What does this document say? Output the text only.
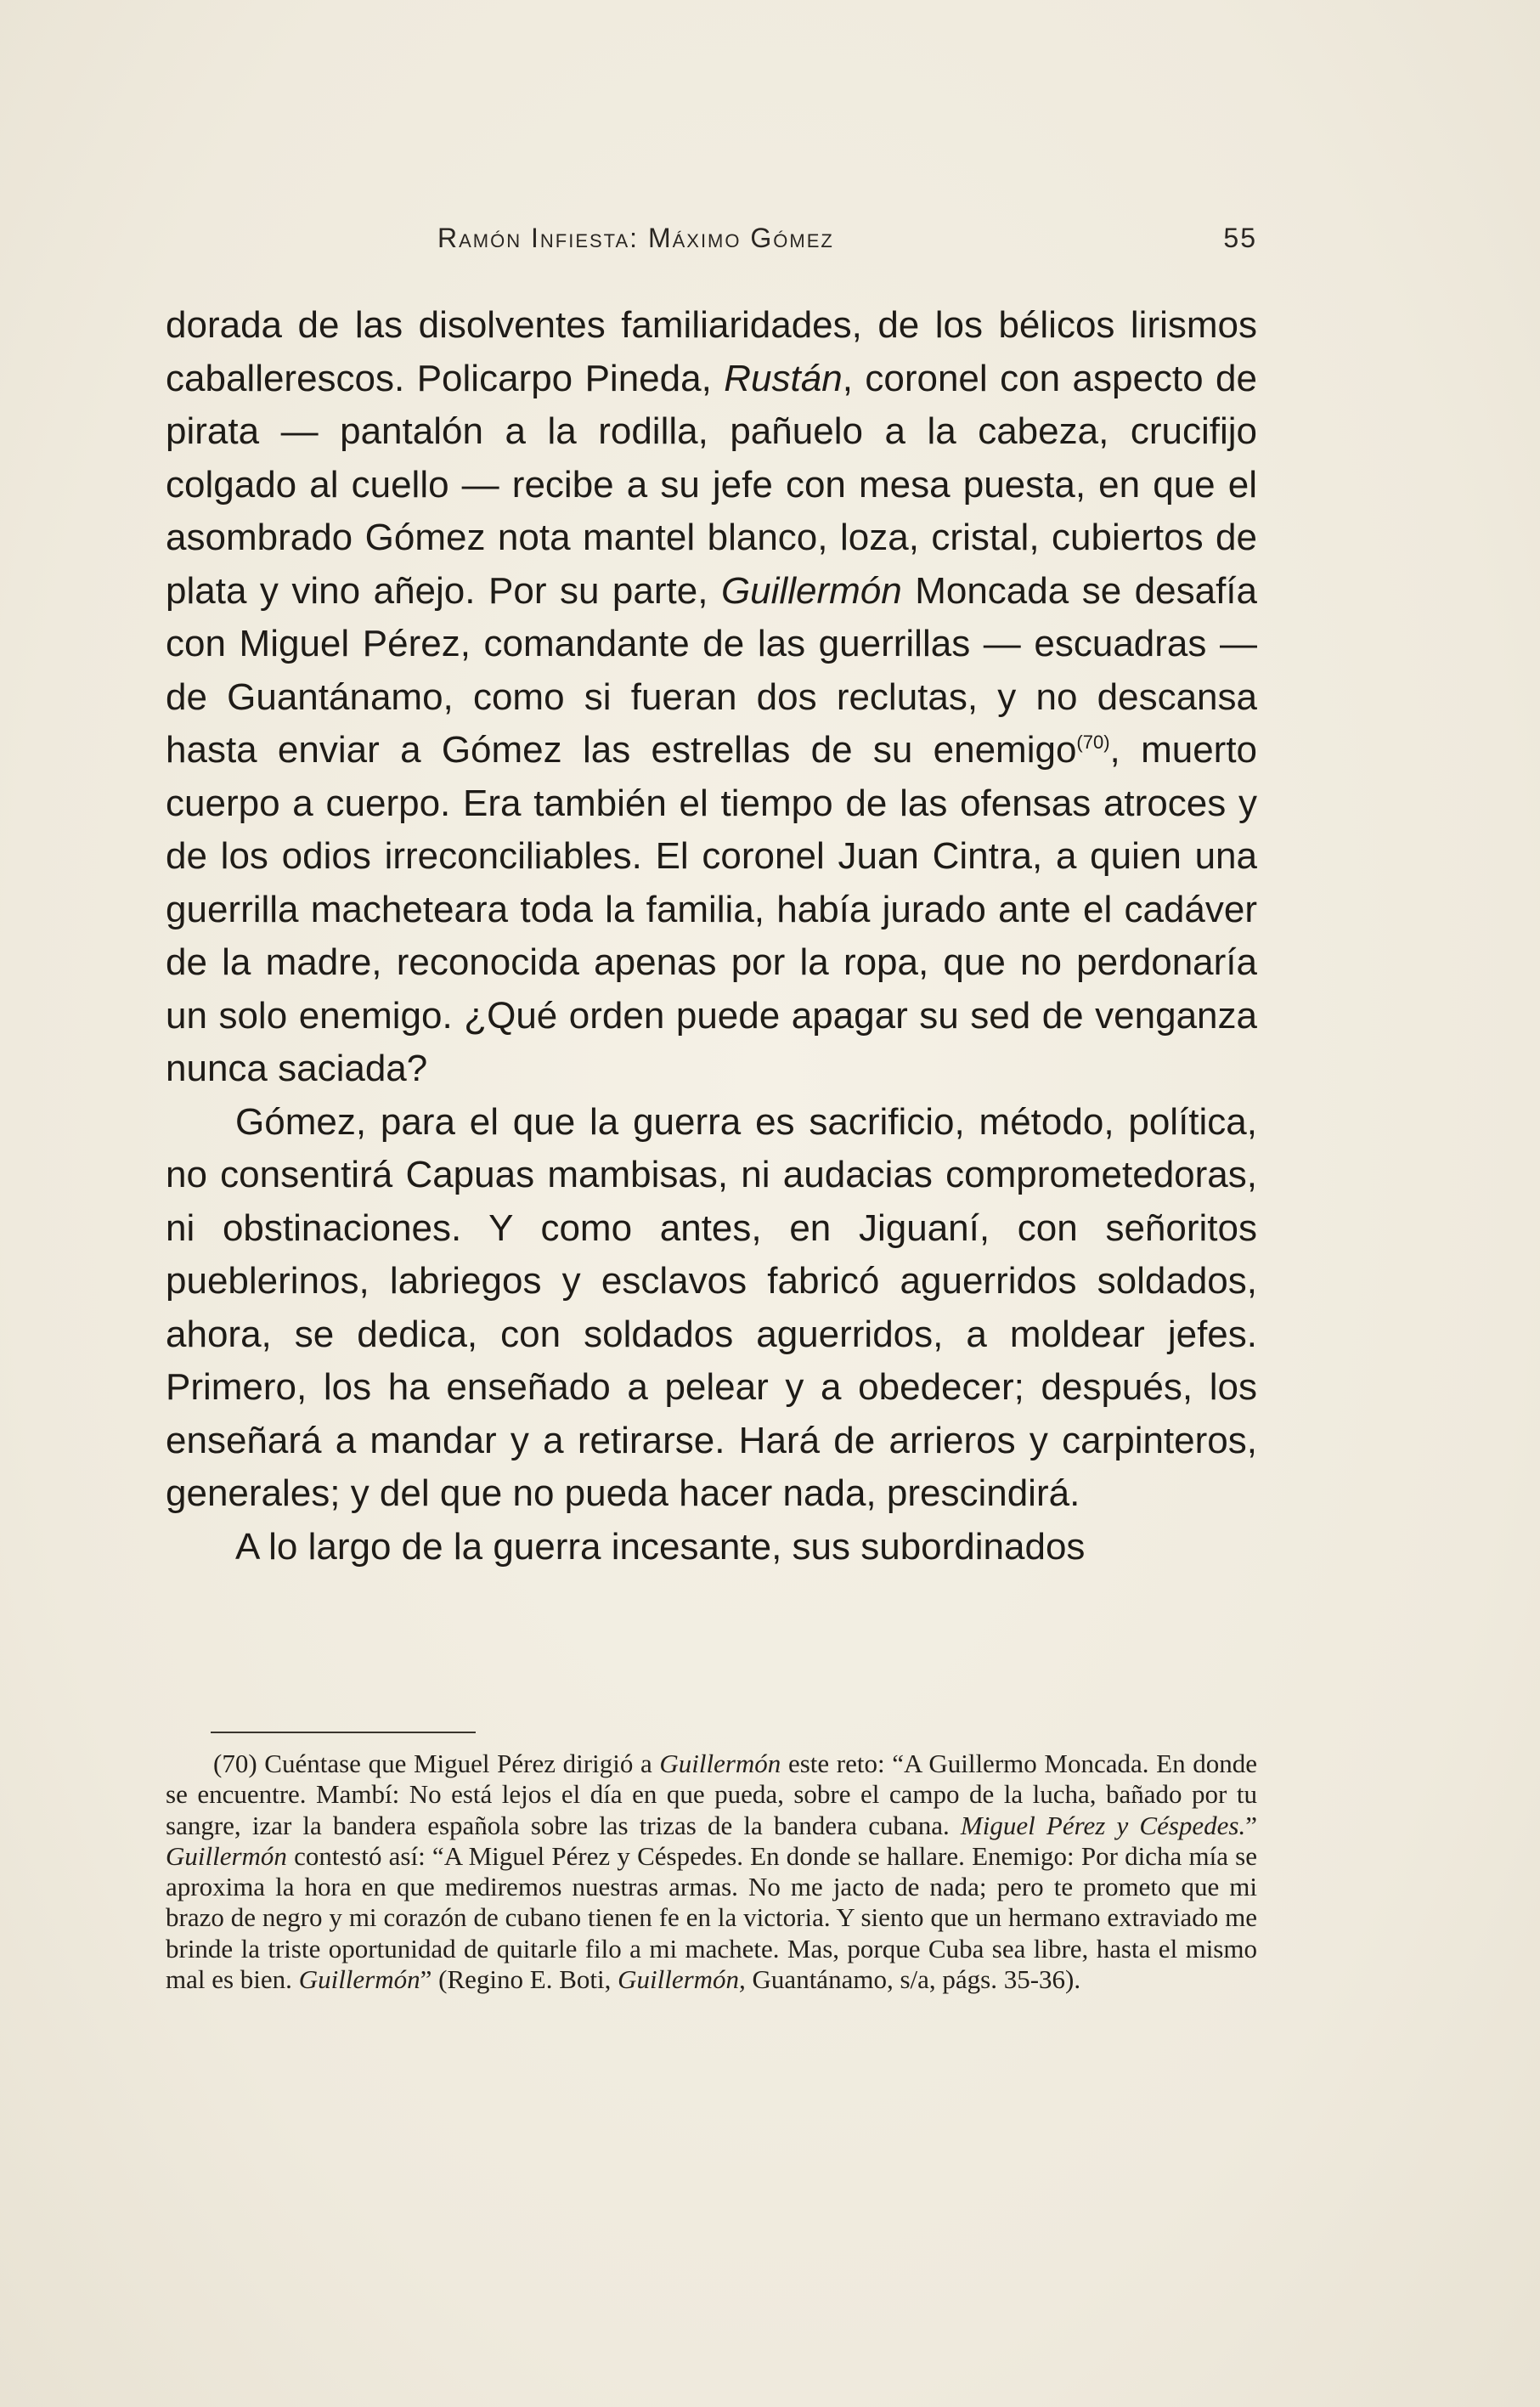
Ramón Infiesta: Máximo Gómez	55

dorada de las disolventes familiaridades, de los bélicos lirismos caballerescos. Policarpo Pineda, Rustán, coronel con aspecto de pirata — pantalón a la rodilla, pañuelo a la cabeza, crucifijo colgado al cuello — recibe a su jefe con mesa puesta, en que el asombrado Gómez nota mantel blanco, loza, cristal, cubiertos de plata y vino añejo. Por su parte, Guillermón Moncada se desafía con Miguel Pérez, comandante de las guerrillas — escuadras — de Guantánamo, como si fueran dos reclutas, y no descansa hasta enviar a Gómez las estrellas de su enemigo$^{(70)}$, muerto cuerpo a cuerpo. Era también el tiempo de las ofensas atroces y de los odios irreconciliables. El coronel Juan Cintra, a quien una guerrilla macheteara toda la familia, había jurado ante el cadáver de la madre, reconocida apenas por la ropa, que no perdonaría un solo enemigo. ¿Qué orden puede apagar su sed de venganza nunca saciada?

Gómez, para el que la guerra es sacrificio, método, política, no consentirá Capuas mambisas, ni audacias comprometedoras, ni obstinaciones. Y como antes, en Jiguaní, con señoritos pueblerinos, labriegos y esclavos fabricó aguerridos soldados, ahora, se dedica, con soldados aguerridos, a moldear jefes. Primero, los ha enseñado a pelear y a obedecer; después, los enseñará a mandar y a retirarse. Hará de arrieros y carpinteros, generales; y del que no pueda hacer nada, prescindirá.

A lo largo de la guerra incesante, sus subordinados

(70) Cuéntase que Miguel Pérez dirigió a Guillermón este reto: “A Guillermo Moncada. En donde se encuentre. Mambí: No está lejos el día en que pueda, sobre el campo de la lucha, bañado por tu sangre, izar la bandera española sobre las trizas de la bandera cubana. Miguel Pérez y Céspedes.” Guillermón contestó así: “A Miguel Pérez y Céspedes. En donde se hallare. Enemigo: Por dicha mía se aproxima la hora en que mediremos nuestras armas. No me jacto de nada; pero te prometo que mi brazo de negro y mi corazón de cubano tienen fe en la victoria. Y siento que un hermano extraviado me brinde la triste oportunidad de quitarle filo a mi machete. Mas, porque Cuba sea libre, hasta el mismo mal es bien. Guillermón” (Regino E. Boti, Guillermón, Guantánamo, s/a, págs. 35-36).
